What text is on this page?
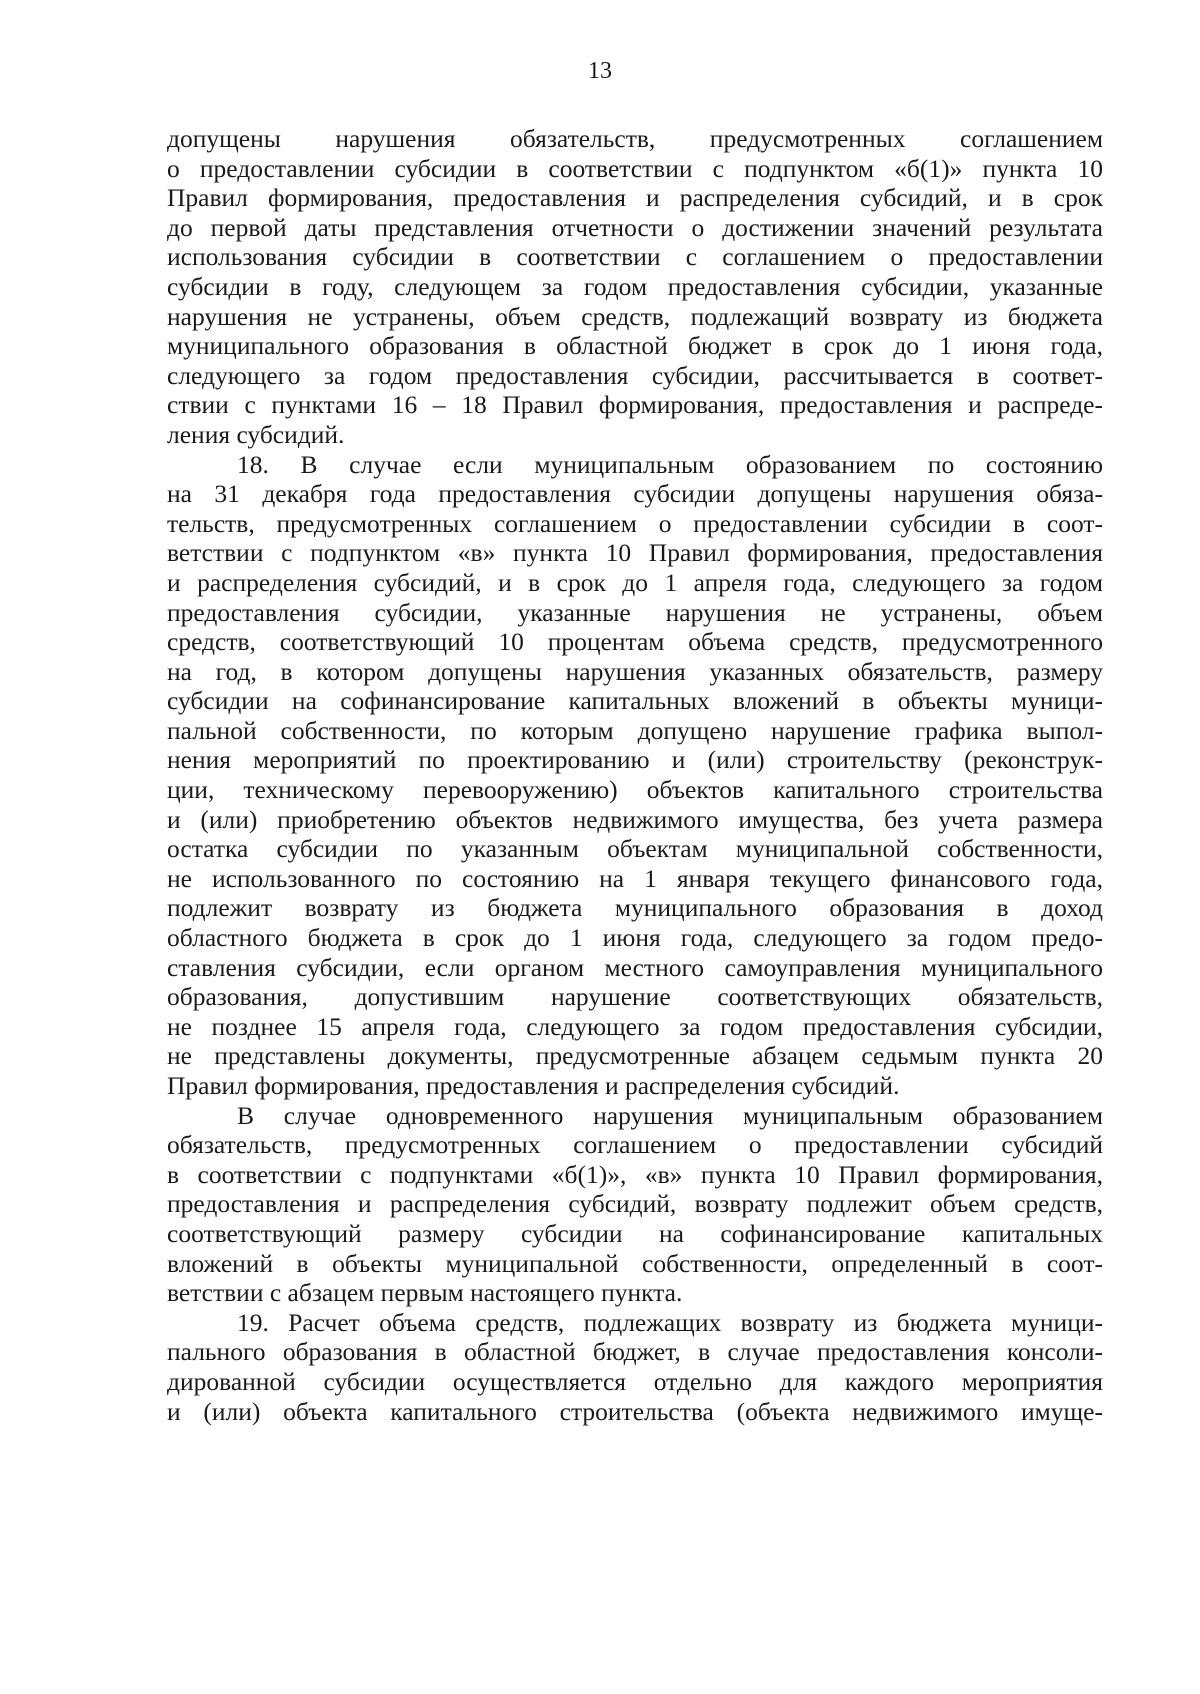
13
допущены нарушения обязательств, предусмотренных соглашением
о предоставлении субсидии в соответствии с подпунктом «б(1)» пункта 10
Правил формирования, предоставления и распределения субсидий, и в срок
до первой даты представления отчетности о достижении значений результата
использования субсидии в соответствии с соглашением о предоставлении
субсидии в году, следующем за годом предоставления субсидии, указанные
нарушения не устранены, объем средств, подлежащий возврату из бюджета
муниципального образования в областной бюджет в срок до 1 июня года,
следующего за годом предоставления субсидии, рассчитывается в соответ-
ствии с пунктами 16 – 18 Правил формирования, предоставления и распреде-
ления субсидий.
18. В случае если муниципальным образованием по состоянию
на 31 декабря года предоставления субсидии допущены нарушения обяза-
тельств, предусмотренных соглашением о предоставлении субсидии в соот-
ветствии с подпунктом «в» пункта 10 Правил формирования, предоставления
и распределения субсидий, и в срок до 1 апреля года, следующего за годом
предоставления субсидии, указанные нарушения не устранены, объем
средств, соответствующий 10 процентам объема средств, предусмотренного
на год, в котором допущены нарушения указанных обязательств, размеру
субсидии на софинансирование капитальных вложений в объекты муници-
пальной собственности, по которым допущено нарушение графика выпол-
нения мероприятий по проектированию и (или) строительству (реконструк-
ции, техническому перевооружению) объектов капитального строительства
и (или) приобретению объектов недвижимого имущества, без учета размера
остатка субсидии по указанным объектам муниципальной собственности,
не использованного по состоянию на 1 января текущего финансового года,
подлежит возврату из бюджета муниципального образования в доход
областного бюджета в срок до 1 июня года, следующего за годом предо-
ставления субсидии, если органом местного самоуправления муниципального
образования, допустившим нарушение соответствующих обязательств,
не позднее 15 апреля года, следующего за годом предоставления субсидии,
не представлены документы, предусмотренные абзацем седьмым пункта 20
Правил формирования, предоставления и распределения субсидий.
В случае одновременного нарушения муниципальным образованием
обязательств, предусмотренных соглашением о предоставлении субсидий
в соответствии с подпунктами «б(1)», «в» пункта 10 Правил формирования,
предоставления и распределения субсидий, возврату подлежит объем средств,
соответствующий размеру субсидии на софинансирование капитальных
вложений в объекты муниципальной собственности, определенный в соот-
ветствии с абзацем первым настоящего пункта.
19. Расчет объема средств, подлежащих возврату из бюджета муници-
пального образования в областной бюджет, в случае предоставления консоли-
дированной субсидии осуществляется отдельно для каждого мероприятия
и (или) объекта капитального строительства (объекта недвижимого имуще-
